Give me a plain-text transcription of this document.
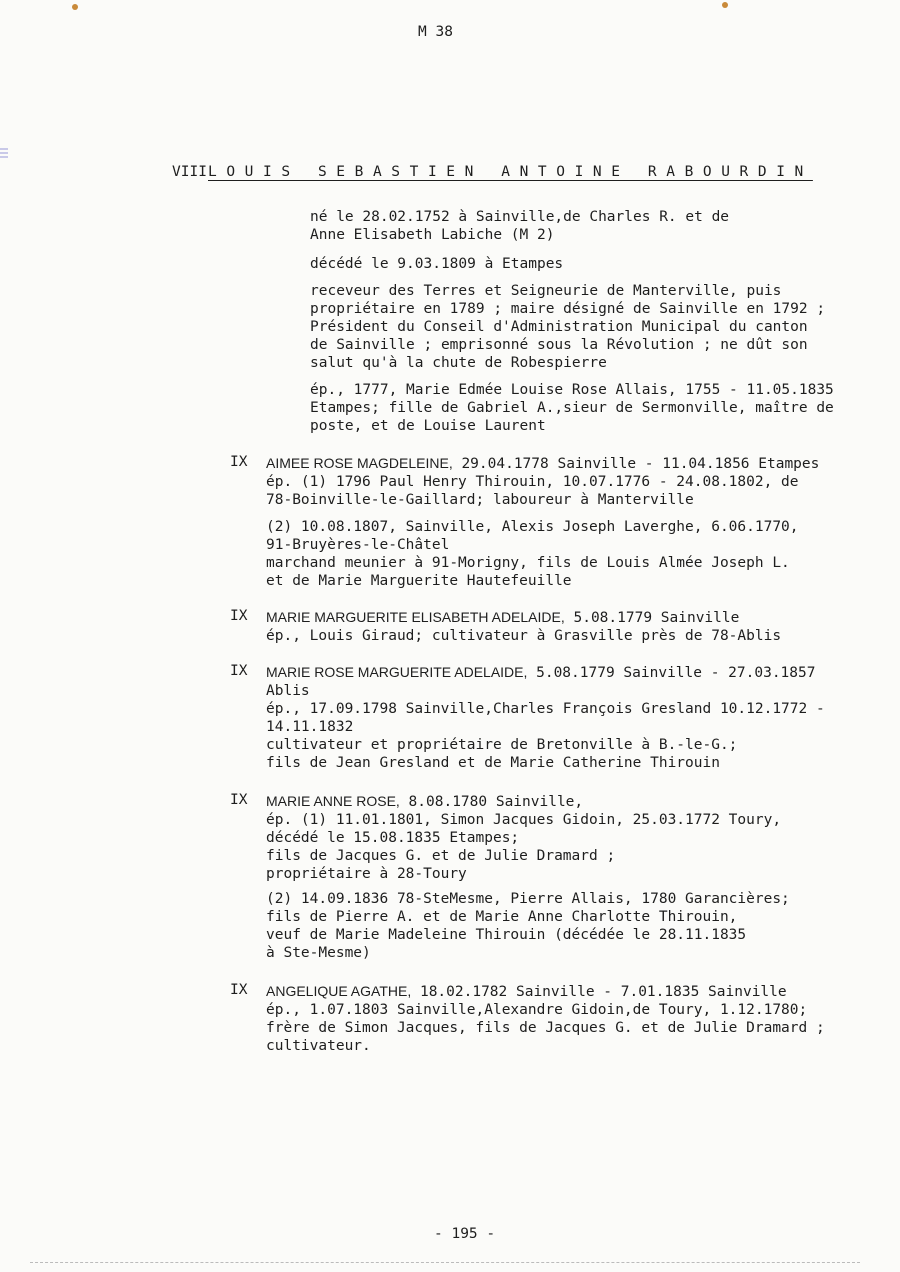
M 38
VIII LOUIS SEBASTIEN ANTOINE RABOURDIN
né le 28.02.1752 à Sainville,de Charles R. et de
Anne Elisabeth Labiche (M 2)
décédé le 9.03.1809 à Etampes
receveur des Terres et Seigneurie de Manterville, puis
propriétaire en 1789 ; maire désigné de Sainville en 1792 ;
Président du Conseil d'Administration Municipal du canton
de Sainville ; emprisonné sous la Révolution ; ne dût son
salut qu'à la chute de Robespierre
ép., 1777, Marie Edmée Louise Rose Allais, 1755 - 11.05.1835
Etampes; fille de Gabriel A.,sieur de Sermonville, maître de
poste, et de Louise Laurent
IX AIMEE ROSE MAGDELEINE, 29.04.1778 Sainville - 11.04.1856 Etampes
ép. (1) 1796 Paul Henry Thirouin, 10.07.1776 - 24.08.1802, de
78-Boinville-le-Gaillard; laboureur à Manterville
(2) 10.08.1807, Sainville, Alexis Joseph Laverghe, 6.06.1770,
91-Bruyères-le-Châtel
marchand meunier à 91-Morigny, fils de Louis Almée Joseph L.
et de Marie Marguerite Hautefeuille
IX MARIE MARGUERITE ELISABETH ADELAIDE, 5.08.1779 Sainville
ép., Louis Giraud; cultivateur à Grasville près de 78-Ablis
IX MARIE ROSE MARGUERITE ADELAIDE, 5.08.1779 Sainville - 27.03.1857
Ablis
ép., 17.09.1798 Sainville,Charles François Gresland 10.12.1772 -
14.11.1832
cultivateur et propriétaire de Bretonville à B.-le-G.;
fils de Jean Gresland et de Marie Catherine Thirouin
IX MARIE ANNE ROSE, 8.08.1780 Sainville,
ép. (1) 11.01.1801, Simon Jacques Gidoin, 25.03.1772 Toury,
décédé le 15.08.1835 Etampes;
fils de Jacques G. et de Julie Dramard ;
propriétaire à 28-Toury
(2) 14.09.1836 78-SteMesme, Pierre Allais, 1780 Garancières;
fils de Pierre A. et de Marie Anne Charlotte Thirouin,
veuf de Marie Madeleine Thirouin (décédée le 28.11.1835
à Ste-Mesme)
IX ANGELIQUE AGATHE, 18.02.1782 Sainville - 7.01.1835 Sainville
ép., 1.07.1803 Sainville,Alexandre Gidoin,de Toury, 1.12.1780;
frère de Simon Jacques, fils de Jacques G. et de Julie Dramard ;
cultivateur.
- 195 -
